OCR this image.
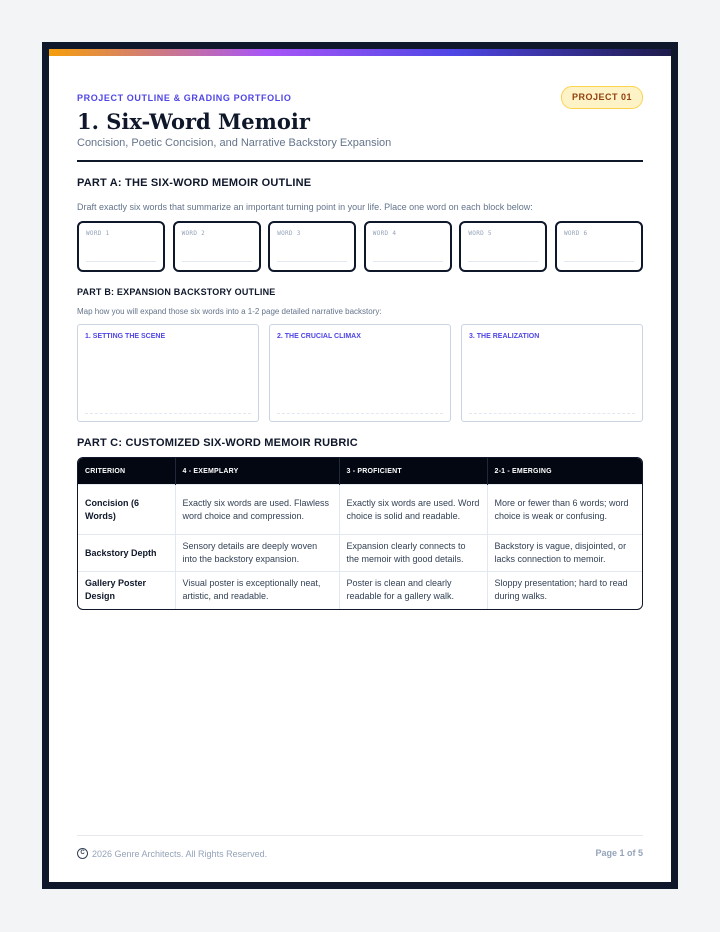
PROJECT OUTLINE & GRADING PORTFOLIO	PROJECT 01
1. Six-Word Memoir
Concision, Poetic Concision, and Narrative Backstory Expansion
PART A: THE SIX-WORD MEMOIR OUTLINE
Draft exactly six words that summarize an important turning point in your life. Place one word on each block below:
WORD 1	WORD 2	WORD 3	WORD 4	WORD 5	WORD 6
PART B: EXPANSION BACKSTORY OUTLINE
Map how you will expand those six words into a 1-2 page detailed narrative backstory:
1. SETTING THE SCENE	2. THE CRUCIAL CLIMAX	3. THE REALIZATION
PART C: CUSTOMIZED SIX-WORD MEMOIR RUBRIC
CRITERION	4 - EXEMPLARY	3 - PROFICIENT	2-1 - EMERGING
Concision (6 Words)	Exactly six words are used. Flawless word choice and compression.	Exactly six words are used. Word choice is solid and readable.	More or fewer than 6 words; word choice is weak or confusing.
Backstory Depth	Sensory details are deeply woven into the backstory expansion.	Expansion clearly connects to the memoir with good details.	Backstory is vague, disjointed, or lacks connection to memoir.
Gallery Poster Design	Visual poster is exceptionally neat, artistic, and readable.	Poster is clean and clearly readable for a gallery walk.	Sloppy presentation; hard to read during walks.
C 2026 Genre Architects. All Rights Reserved.	Page 1 of 5
